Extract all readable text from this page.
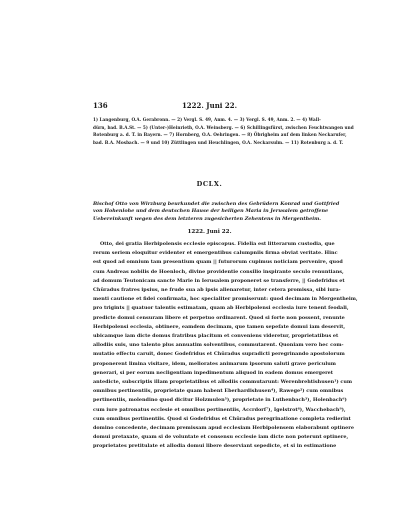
136	1222. Juni 22.
1) Langenburg, O.A. Gerabronn. — 2) Vergl. S. 49, Anm. 4. — 3) Vergl. S. 49, Anm. 2. — 4) Wall-
dürn, bad. B.A.St. — 5) (Unter-)Heinrieth, O.A. Weinsberg. — 6) Schillingsfürst, zwischen Feuchtwangen und
Rotenburg a. d. T. in Bayern. — 7) Hornberg, O.A. Oehringen. — 8) Öbrigheim auf dem linken Neckarufer,
bad. B.A. Mosbach. — 9 und 10) Züttlingen und Heuchlingen, O.A. Neckarsulm. — 11) Rotenburg a. d. T.
DCLX.
Bischof Otto von Wirzburg beurkundet die zwischen des Gebrüdern Konrad und Gottfried
von Hohenlohe und dem deutschen Hause der heiligen Maria in Jerusalem getroffene
Uebereinkunft wegen des dem letzteren zugesicherten Zehentens in Mergentheim.
1222. Juni 22.
Otto, dei gratia Herbipolensis ecclesie episcopus. Fidelia est litterarum custodia, que
rerum seriem eloquitur evidenter et emergentibus calumpniis firma obviat veritate. Hinc
est quod ad omnium tam presentium quam || futurorum cupimus noticiam pervenire, quod
cum Andreas nobilis de Hoenloch, divine providentie consilio inspirante seculo renuntians,
ad domum Teutonicam sancte Marie in Ierusalem proponeret se transferre, || Godefridus et
Chûradus fratres ipsius, ne frude sua ab ipsis alienaretur, inter cetera promissa, sibi iura-
menti cautione et fidei confirmata, hoc specialiter promiserunt: quod decimam in Mergentheim,
pro trigints || quatuor talentis estimatam, quam ab Herbipolensi ecclesia iure tenent feodali,
predicte domui censuram libere et perpetuo ordinarent. Quod si forte non possent, renunte
Herbipolensi ecclesia, obtinere, eamdem decimam, que tamen sepefate domui iam deservit,
ubicamque iam dicte domus fratribus placitum et conveniens videretur, proprietatibus et
allodiis suis, uno talento plus annuatim solventibus, commutarent. Quoniam vero hec com-
mutatio effectu caruit, donec Godefridus et Chûradus supradicti peregrinando apostolorum
proponerent limina visitare, idem, meliorates animarum ipsorum saluti grave periculum
generari, si per eorum necligentiam inpedimentum aliquod in eadem domus emergeret
antedicte, subscriptis illam proprietatibus et allodiis commutarunt: Werenbrehtishusen¹) cum
omnibus pertinentiis, proprietate quam habent Eberhardishusen⁴), Rawege²) cum omnibus
pertinentiis, molendino quod dicitur Holzmulen⁵), proprietate in Luthenbach³), Holenbach⁶)
cum iure patronatus ecclesie et omnibus pertinentiis, Accrdorf⁷), Igelstrot⁸), Wacchebach⁹),
cum omnibus pertinentiis. Quod si Godefridus et Chûradus peregrinatione completa redierint
domino concedente, decimam premissam apud ecclesiam Herbipolensem elaborabunt optinere
domui pretaxate, quam si de voluntate et consensu ecclesie iam dicte non poterunt optinere,
proprietates pretitulate et allodia domui libere deserviant sepedicte, et si in estimatione
